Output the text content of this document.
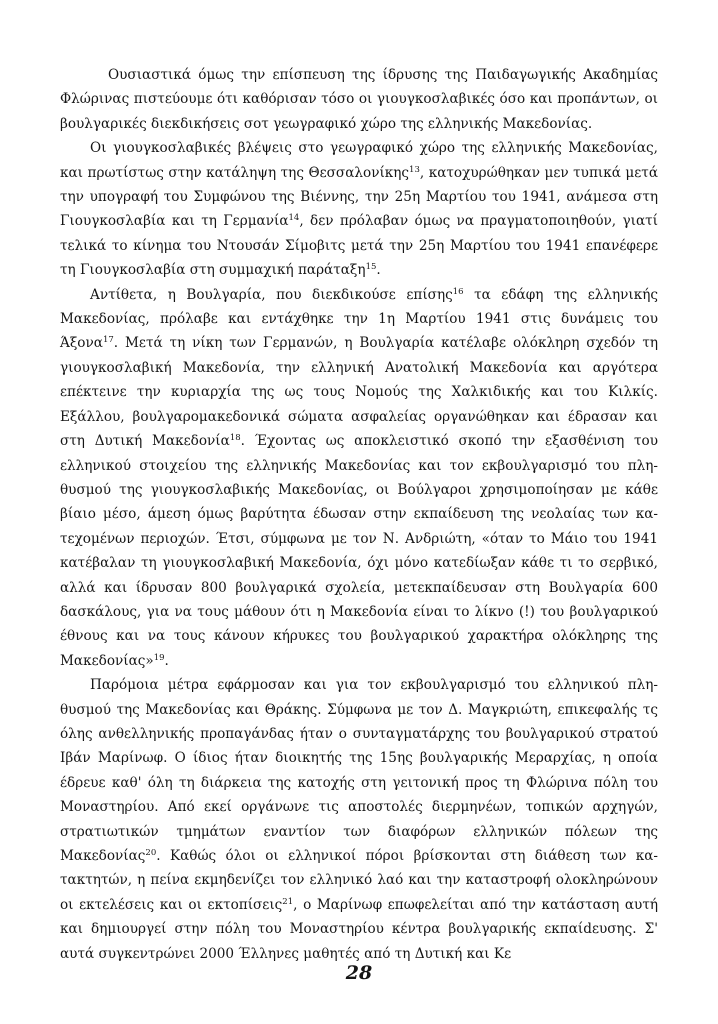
Ουσιαστικά όμως την επίσπευση της ίδρυσης της Παιδαγωγικής Ακαδημίας Φλώρινας πιστεύουμε ότι καθόρισαν τόσο οι γιουγκοσλαβικές όσο και προπάντων, οι βουλγαρικές διεκδικήσεις σοτ γεωγραφικό χώρο της ελληνικής Μακεδονίας.

Οι γιουγκοσλαβικές βλέψεις στο γεωγραφικό χώρο της ελληνικής Μακεδονίας, και πρωτίστως στην κατάληψη της Θεσσαλονίκης$^{13}$, κατοχυρώθηκαν μεν τυπικά μετά την υπογραφή του Συμφώνου της Βιέννης, την 25η Μαρτίου του 1941, ανάμεσα στη Γιουγκοσλαβία και τη Γερμανία$^{14}$, δεν πρόλαβαν όμως να πραγματοποιηθούν, γιατί τελικά το κίνημα του Ντουσάν Σίμοβιτς μετά την 25η Μαρτίου του 1941 επανέφερε τη Γιουγκοσλαβία στη συμμαχική παράταξη$^{15}$.

Αντίθετα, η Βουλγαρία, που διεκδικούσε επίσης$^{16}$ τα εδάφη της ελληνικής Μακεδονίας, πρόλαβε και εντάχθηκε την 1η Μαρτίου 1941 στις δυνάμεις του Άξονα$^{17}$. Μετά τη νίκη των Γερμανών, η Βουλγαρία κατέλαβε ολόκληρη σχεδόν τη γιουγκοσλαβική Μακεδονία, την ελληνική Ανατολική Μακεδονία και αργότερα επέκτεινε την κυριαρχία της ως τους Νομούς της Χαλκιδικής και του Κιλκίς. Εξάλλου, βουλγαρομακεδονικά σώματα ασφαλείας οργανώθηκαν και έδρασαν και στη Δυτική Μακεδονία$^{18}$. Έχοντας ως αποκλειστικό σκοπό την εξασθένιση του ελληνικού στοιχείου της ελληνικής Μακεδονίας και τον εκβουλγαρισμό του πληθυσμού της γιουγκοσλαβικής Μακεδονίας, οι Βούλγαροι χρησιμοποίησαν με κάθε βίαιο μέσο, άμεση όμως βαρύτητα έδωσαν στην εκπαίδευση της νεολαίας των κατεχομένων περιοχών. Έτσι, σύμφωνα με τον Ν. Ανδριώτη, «όταν το Μάιο του 1941 κατέβαλαν τη γιουγκοσλαβική Μακεδονία, όχι μόνο κατεδίωξαν κάθε τι το σερβικό, αλλά και ίδρυσαν 800 βουλγαρικά σχολεία, μετεκπαίδευσαν στη Βουλγαρία 600 δασκάλους, για να τους μάθουν ότι η Μακεδονία είναι το λίκνο (!) του βουλγαρικού έθνους και να τους κάνουν κήρυκες του βουλγαρικού χαρακτήρα ολόκληρης της Μακεδονίας»$^{19}$.

Παρόμοια μέτρα εφάρμοσαν και για τον εκβουλγαρισμό του ελληνικού πληθυσμού της Μακεδονίας και Θράκης. Σύμφωνα με τον Δ. Μαγκριώτη, επικεφαλής τς όλης ανθελληνικής προπαγάνδας ήταν ο συνταγματάρχης του βουλγαρικού στρατού Ιβάν Μαρίνωφ. Ο ίδιος ήταν διοικητής της 15ης βουλγαρικής Μεραρχίας, η οποία έδρευε καθ' όλη τη διάρκεια της κατοχής στη γειτονική προς τη Φλώρινα πόλη του Μοναστηρίου. Από εκεί οργάνωνε τις αποστολές διερμηνέων, τοπικών αρχηγών, στρατιωτικών τμημάτων εναντίον των διαφόρων ελληνικών πόλεων της Μακεδονίας$^{20}$. Καθώς όλοι οι ελληνικοί πόροι βρίσκονται στη διάθεση των κατακτητών, η πείνα εκμηδενίζει τον ελληνικό λαό και την καταστροφή ολοκληρώνουν οι εκτελέσεις και οι εκτοπίσεις$^{21}$, ο Μαρίνωφ επωφελείται από την κατάσταση αυτή και δημιουργεί στην πόλη του Μοναστηρίου κέντρα βουλγαρικής εκπαίdευσης. Σ' αυτά συγκεντρώνει 2000 Έλληνες μαθητές από τη Δυτική και Κε

28
